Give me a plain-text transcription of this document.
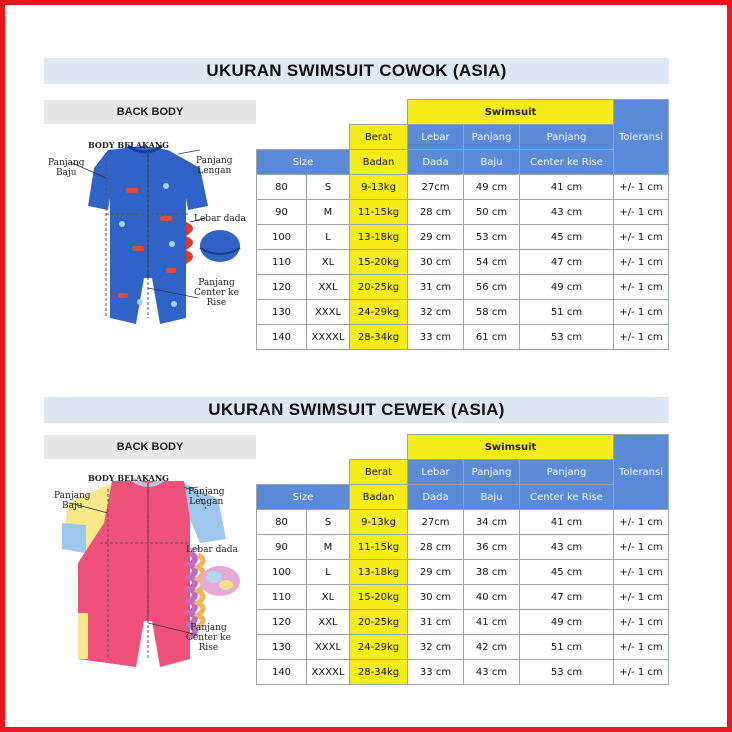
UKURAN SWIMSUIT COWOK (ASIA)
BACK BODY
BODY BELAKANG
Panjang
Baju
Panjang
Lengan
Lebar dada
Panjang
Center ke
Rise
			Swimsuit			Toleransi
		Berat	Lebar	Panjang	Panjang	
Size		Badan	Dada	Baju	Center ke Rise	
80	S	9-13kg	27cm	49 cm	41 cm	+/- 1 cm
90	M	11-15kg	28 cm	50 cm	43 cm	+/- 1 cm
100	L	13-18kg	29 cm	53 cm	45 cm	+/- 1 cm
110	XL	15-20kg	30 cm	54 cm	47 cm	+/- 1 cm
120	XXL	20-25kg	31 cm	56 cm	49 cm	+/- 1 cm
130	XXXL	24-29kg	32 cm	58 cm	51 cm	+/- 1 cm
140	XXXXL	28-34kg	33 cm	61 cm	53 cm	+/- 1 cm
UKURAN SWIMSUIT CEWEK (ASIA)
BACK BODY
BODY BELAKANG
Panjang
Baju
Panjang
Lengan
Lebar dada
Panjang
Center ke
Rise
			Swimsuit			Toleransi
		Berat	Lebar	Panjang	Panjang	
Size		Badan	Dada	Baju	Center ke Rise	
80	S	9-13kg	27cm	34 cm	41 cm	+/- 1 cm
90	M	11-15kg	28 cm	36 cm	43 cm	+/- 1 cm
100	L	13-18kg	29 cm	38 cm	45 cm	+/- 1 cm
110	XL	15-20kg	30 cm	40 cm	47 cm	+/- 1 cm
120	XXL	20-25kg	31 cm	41 cm	49 cm	+/- 1 cm
130	XXXL	24-29kg	32 cm	42 cm	51 cm	+/- 1 cm
140	XXXXL	28-34kg	33 cm	43 cm	53 cm	+/- 1 cm
